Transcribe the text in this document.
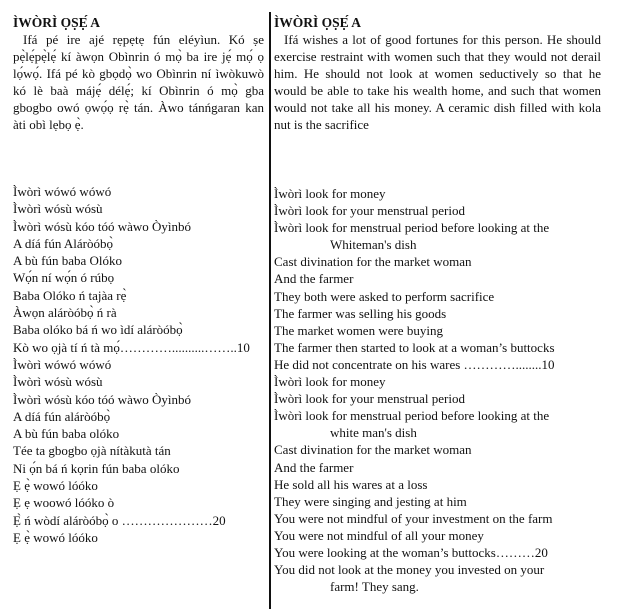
ÌWÒRÌ ỌṢẸ́ A

Ifá pé ire ajé rẹpẹtẹ fún eléyìun. Kó ṣe pẹ̀lẹ́pẹ̀lẹ́ kí àwọn Obìnrin ó mọ̀ ba ire jẹ́ mọ́ ọ lọ́wọ́. Ifá pé kò gbọdọ̀ wo Obìnrin ní ìwòkuwò kó lè baà májẹ́ délẹ́; kí Obìnrin ó mọ̀ gba gbogbo owó ọwọ́ọ rẹ̀ tán. Àwo tánńgaran kan àti obì lẹbọ ẹ̀.

ÌWÒRÌ ỌṢẸ́ A

Ifá wishes a lot of good fortunes for this person. He should exercise restraint with women such that they would not derail him. He should not look at women seductively so that he would be able to take his wealth home, and such that women would not take all his money. A ceramic dish filled with kola nut is the sacrifice

Ìwòrì wówó wówó

Ìwòrì wósù wósù

Ìwòrì wósù kóo tóó wàwo Òyìnbó

A díá fún Aláròóbọ̀

A bù fún baba Olóko

Wọ́n ní wọ́n ó rúbọ

Baba Olóko ń tajàa rẹ̀

Àwọn aláròóbọ̀ ń rà

Baba olóko bá ń wo ìdí aláròóbọ̀

Kò wo ọjà tí ń tà mọ́…………..........……..10

Ìwòrì wówó wówó

Ìwòrì wósù wósù

Ìwòrì wósù kóo tóó wàwo Òyìnbó

A díá fún aláròóbọ̀

A bù fún baba olóko

Tée ta gbogbo ọjà nítàkutà tán

Ni ọ́n bá ń kọrin fún baba olóko

Ẹ ẹ̀ wowó lóóko

Ẹ ẹ woowó lóóko ò

Ẹ̀ ń wòdí aláròóbọ̀ o …………………20

Ẹ ẹ̀ wowó lóóko

Ìwòrì look for money

Ìwòrì look for your menstrual period

Ìwòrì look for menstrual period before looking at the

Whiteman's dish

Cast divination for the market woman

And the farmer

They both were asked to perform sacrifice

The farmer was selling his goods

The market women were buying

The farmer then started to look at a woman’s buttocks

He did not concentrate on his wares …………........10

Ìwòrì look for money

Ìwòrì look for your menstrual period

Ìwòrì look for menstrual period before looking at the

white man's dish

Cast divination for the market woman

And the farmer

He sold all his wares at a loss

They were singing and jesting at him

You were not mindful of your investment on the farm

You were not mindful of all your money

You were looking at the woman’s buttocks………20

You did not look at the money you invested on your

farm! They sang.
